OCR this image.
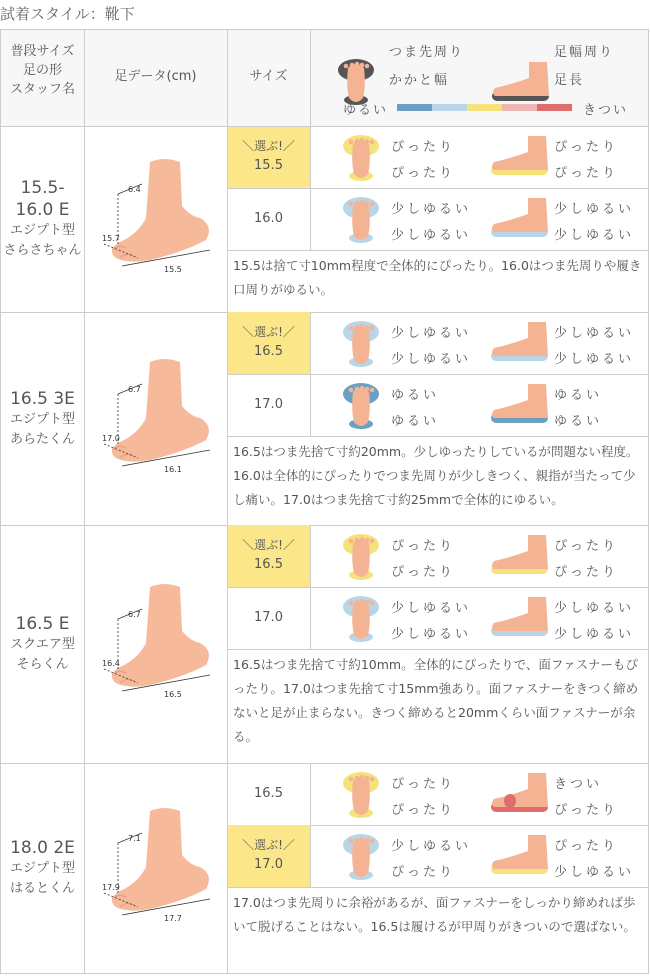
試着スタイル：靴下
普段サイズ
足の形
スタッフ名
足データ(cm)	サイズ
つま先周り
かかと幅
足幅周り
足長
ゆるい	きつい
15.5-
16.0 E
エジプト型
さらさちゃん
6.4
15.7
15.5
＼選ぶ!／
15.5
ぴったり
ぴったり
ぴったり
ぴったり
16.0
少しゆるい
少しゆるい
少しゆるい
少しゆるい
15.5は捨て寸10mm程度で全体的にぴったり。16.0はつま先周りや履き口周りがゆるい。
16.5 3E
エジプト型
あらたくん
6.7
17.0
16.1
＼選ぶ!／
16.5
少しゆるい
少しゆるい
少しゆるい
少しゆるい
17.0
ゆるい
ゆるい
ゆるい
ゆるい
16.5はつま先捨て寸約20mm。少しゆったりしているが問題ない程度。16.0は全体的にぴったりでつま先周りが少しきつく、親指が当たって少し痛い。17.0はつま先捨て寸約25mmで全体的にゆるい。
16.5 E
スクエア型
そらくん
6.7
16.4
16.5
＼選ぶ!／
16.5
ぴったり
ぴったり
ぴったり
ぴったり
17.0
少しゆるい
少しゆるい
少しゆるい
少しゆるい
16.5はつま先捨て寸約10mm。全体的にぴったりで、面ファスナーもぴったり。17.0はつま先捨て寸15mm強あり。面ファスナーをきつく締めないと足が止まらない。きつく締めると20mmくらい面ファスナーが余る。
18.0 2E
エジプト型
はるとくん
7.1
17.9
17.7
16.5
ぴったり
ぴったり
きつい
ぴったり
＼選ぶ!／
17.0
少しゆるい
ぴったり
ぴったり
少しゆるい
17.0はつま先周りに余裕があるが、面ファスナーをしっかり締めれば歩いて脱げることはない。16.5は履けるが甲周りがきついので選ばない。
